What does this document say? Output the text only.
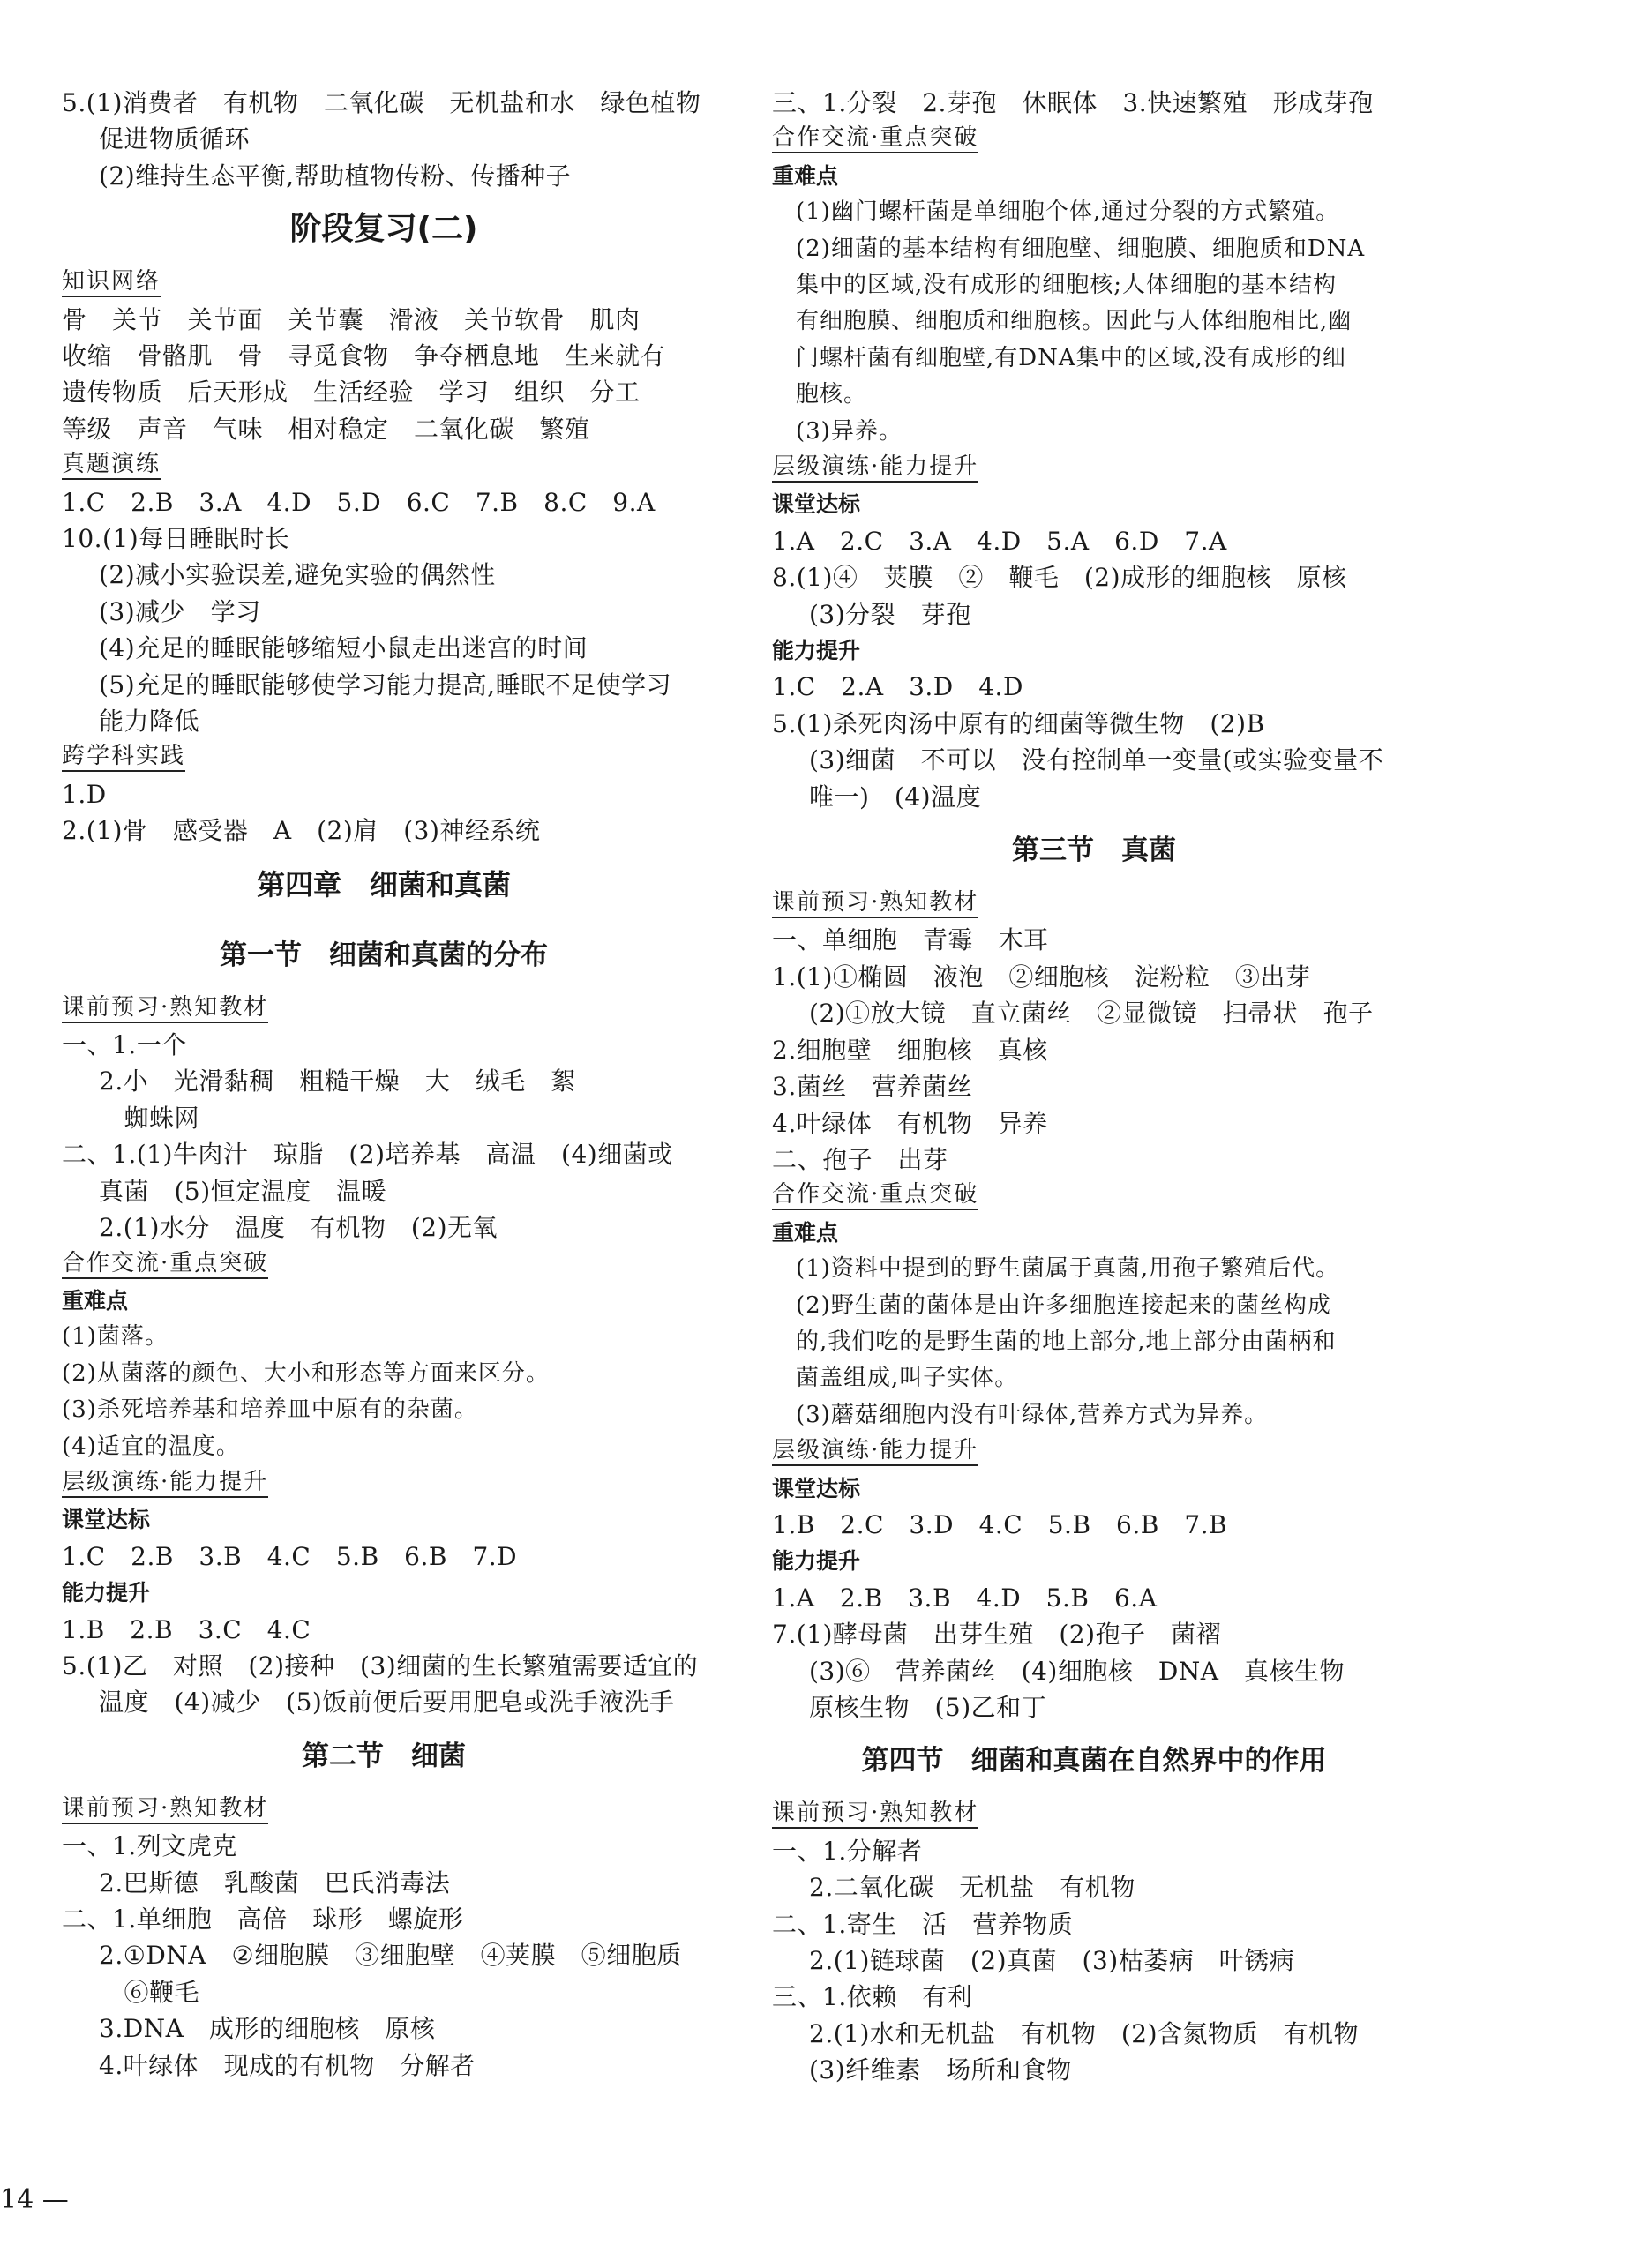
5.(1)消费者　有机物　二氧化碳　无机盐和水　绿色植物
促进物质循环
(2)维持生态平衡,帮助植物传粉、传播种子
阶段复习(二)
知识网络
骨　关节　关节面　关节囊　滑液　关节软骨　肌肉
收缩　骨骼肌　骨　寻觅食物　争夺栖息地　生来就有
遗传物质　后天形成　生活经验　学习　组织　分工
等级　声音　气味　相对稳定　二氧化碳　繁殖
真题演练
1.C　2.B　3.A　4.D　5.D　6.C　7.B　8.C　9.A
10.(1)每日睡眠时长
(2)减小实验误差,避免实验的偶然性
(3)减少　学习
(4)充足的睡眠能够缩短小鼠走出迷宫的时间
(5)充足的睡眠能够使学习能力提高,睡眠不足使学习
能力降低
跨学科实践
1.D
2.(1)骨　感受器　A　(2)肩　(3)神经系统
第四章　细菌和真菌
第一节　细菌和真菌的分布
课前预习·熟知教材
一、1.一个
2.小　光滑黏稠　粗糙干燥　大　绒毛　絮
　蜘蛛网
二、1.(1)牛肉汁　琼脂　(2)培养基　高温　(4)细菌或
真菌　(5)恒定温度　温暖
2.(1)水分　温度　有机物　(2)无氧
合作交流·重点突破
重难点
(1)菌落。
(2)从菌落的颜色、大小和形态等方面来区分。
(3)杀死培养基和培养皿中原有的杂菌。
(4)适宜的温度。
层级演练·能力提升
课堂达标
1.C　2.B　3.B　4.C　5.B　6.B　7.D
能力提升
1.B　2.B　3.C　4.C
5.(1)乙　对照　(2)接种　(3)细菌的生长繁殖需要适宜的
温度　(4)减少　(5)饭前便后要用肥皂或洗手液洗手
第二节　细菌
课前预习·熟知教材
一、1.列文虎克
2.巴斯德　乳酸菌　巴氏消毒法
二、1.单细胞　高倍　球形　螺旋形
2.①DNA　②细胞膜　③细胞壁　④荚膜　⑤细胞质
　⑥鞭毛
3.DNA　成形的细胞核　原核
4.叶绿体　现成的有机物　分解者
三、1.分裂　2.芽孢　休眠体　3.快速繁殖　形成芽孢
合作交流·重点突破
重难点
　(1)幽门螺杆菌是单细胞个体,通过分裂的方式繁殖。
　(2)细菌的基本结构有细胞壁、细胞膜、细胞质和DNA
　集中的区域,没有成形的细胞核;人体细胞的基本结构
　有细胞膜、细胞质和细胞核。因此与人体细胞相比,幽
　门螺杆菌有细胞壁,有DNA集中的区域,没有成形的细
　胞核。
　(3)异养。
层级演练·能力提升
课堂达标
1.A　2.C　3.A　4.D　5.A　6.D　7.A
8.(1)④　荚膜　②　鞭毛　(2)成形的细胞核　原核
(3)分裂　芽孢
能力提升
1.C　2.A　3.D　4.D
5.(1)杀死肉汤中原有的细菌等微生物　(2)B
(3)细菌　不可以　没有控制单一变量(或实验变量不
唯一)　(4)温度
第三节　真菌
课前预习·熟知教材
一、单细胞　青霉　木耳
1.(1)①椭圆　液泡　②细胞核　淀粉粒　③出芽
(2)①放大镜　直立菌丝　②显微镜　扫帚状　孢子
2.细胞壁　细胞核　真核
3.菌丝　营养菌丝
4.叶绿体　有机物　异养
二、孢子　出芽
合作交流·重点突破
重难点
　(1)资料中提到的野生菌属于真菌,用孢子繁殖后代。
　(2)野生菌的菌体是由许多细胞连接起来的菌丝构成
　的,我们吃的是野生菌的地上部分,地上部分由菌柄和
　菌盖组成,叫子实体。
　(3)蘑菇细胞内没有叶绿体,营养方式为异养。
层级演练·能力提升
课堂达标
1.B　2.C　3.D　4.C　5.B　6.B　7.B
能力提升
1.A　2.B　3.B　4.D　5.B　6.A
7.(1)酵母菌　出芽生殖　(2)孢子　菌褶
(3)⑥　营养菌丝　(4)细胞核　DNA　真核生物
原核生物　(5)乙和丁
第四节　细菌和真菌在自然界中的作用
课前预习·熟知教材
一、1.分解者
2.二氧化碳　无机盐　有机物
二、1.寄生　活　营养物质
2.(1)链球菌　(2)真菌　(3)枯萎病　叶锈病
三、1.依赖　有利
2.(1)水和无机盐　有机物　(2)含氮物质　有机物
(3)纤维素　场所和食物
14 —
